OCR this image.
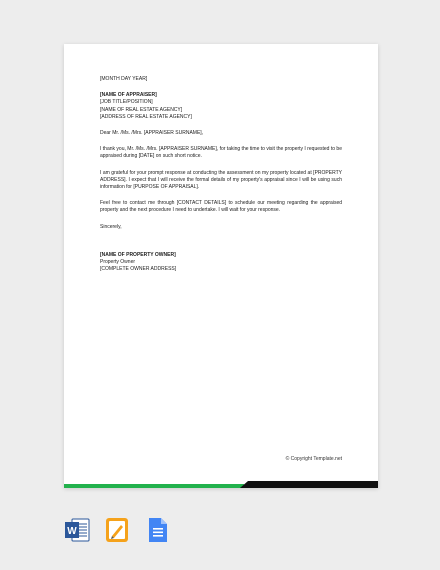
[MONTH DAY YEAR]

[NAME OF APPRAISER]

[JOB TITLE/POSITION]

[NAME OF REAL ESTATE AGENCY]

[ADDRESS OF REAL ESTATE AGENCY]

Dear Mr. /Ms. /Mrs. [APPRAISER SURNAME],

I thank you, Mr. /Ms. /Mrs. [APPRAISER SURNAME], for taking the time to visit the property I requested to be appraised during [DATE] on such short notice.

I am grateful for your prompt response at conducting the assessment on my property located at [PROPERTY ADDRESS]. I expect that I will receive the formal details of my property's appraisal since I will be using such information for [PURPOSE OF APPRAISAL].

Feel free to contact me through [CONTACT DETAILS] to schedule our meeting regarding the appraised property and the next procedure I need to undertake. I will wait for your response.

Sincerely,

[NAME OF PROPERTY OWNER]

Property Owner

[COMPLETE OWNER ADDRESS]

© Copyright Template.net
W
